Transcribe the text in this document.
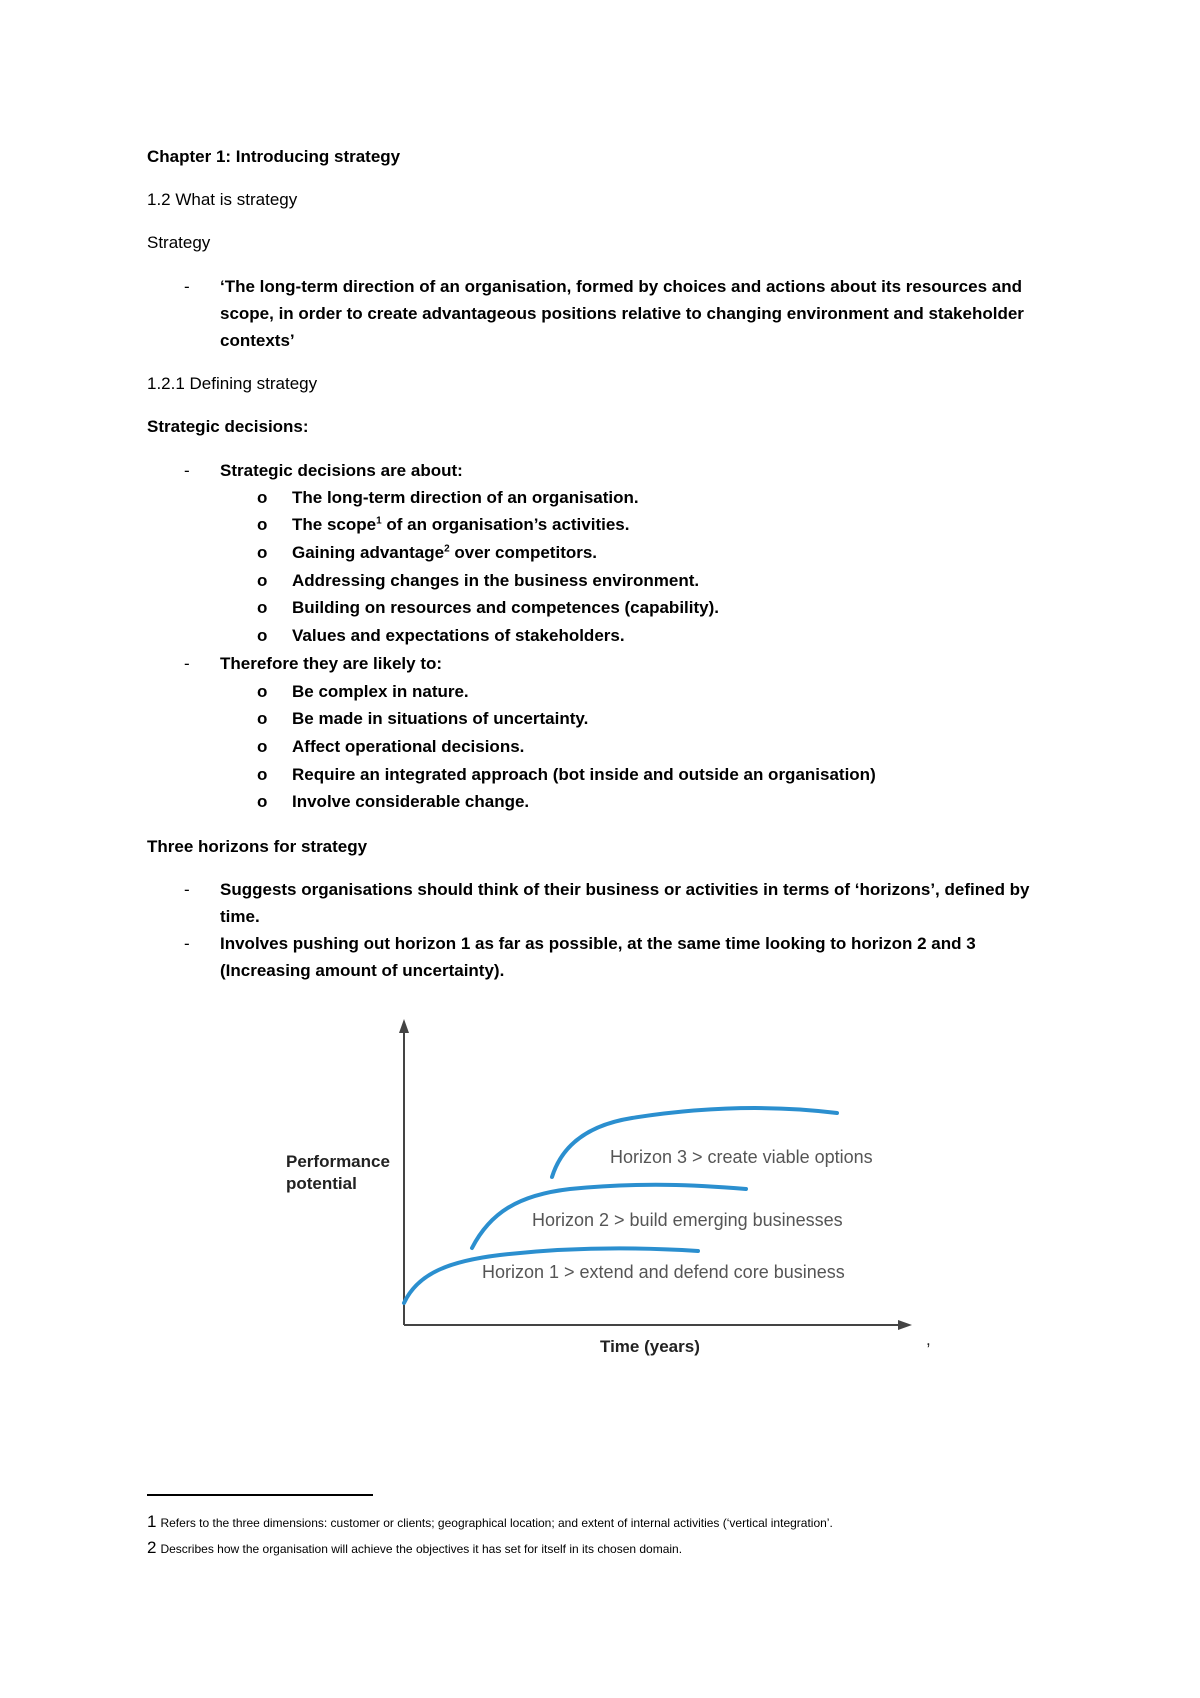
Chapter 1: Introducing strategy
1.2 What is strategy
Strategy
- ‘The long-term direction of an organisation, formed by choices and actions about its resources and
scope, in order to create advantageous positions relative to changing environment and stakeholder
contexts’
1.2.1 Defining strategy
Strategic decisions:
- Strategic decisions are about:
o The long-term direction of an organisation.
o The scope$^1$ of an organisation’s activities.
o Gaining advantage$^2$ over competitors.
o Addressing changes in the business environment.
o Building on resources and competences (capability).
o Values and expectations of stakeholders.
- Therefore they are likely to:
o Be complex in nature.
o Be made in situations of uncertainty.
o Affect operational decisions.
o Require an integrated approach (bot inside and outside an organisation)
o Involve considerable change.
Three horizons for strategy
- Suggests organisations should think of their business or activities in terms of ‘horizons’, defined by
time.
- Involves pushing out horizon 1 as far as possible, at the same time looking to horizon 2 and 3
(Increasing amount of uncertainty).
Performance
potential
Time (years)
Horizon 3 > create viable options
Horizon 2 > build emerging businesses
Horizon 1 > extend and defend core business
,
1 Refers to the three dimensions: customer or clients; geographical location; and extent of internal activities (‘vertical integration’.
2 Describes how the organisation will achieve the objectives it has set for itself in its chosen domain.
